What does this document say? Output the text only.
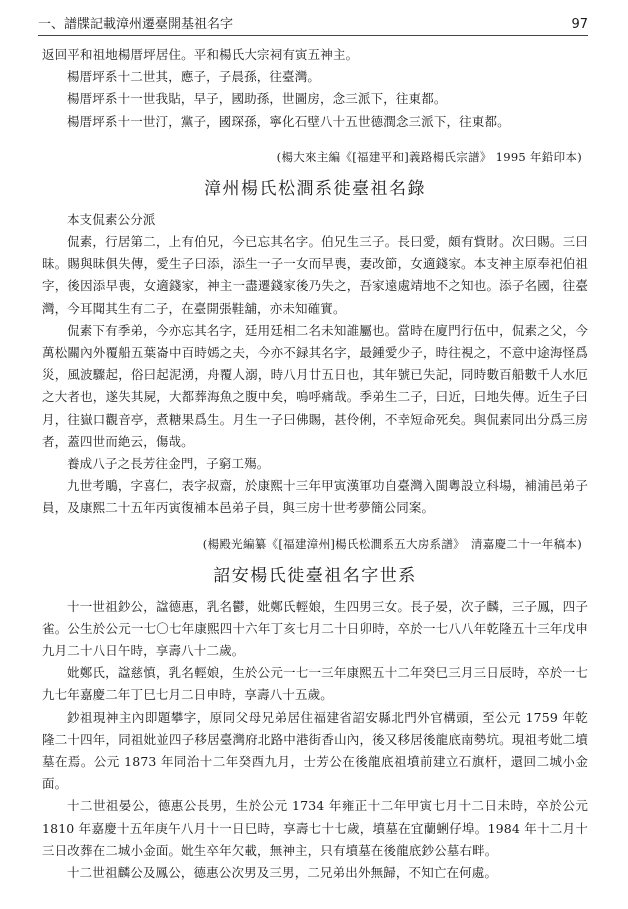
一、譜牒記載漳州遷臺開基祖名字	97

返回平和祖地楊厝坪居住。平和楊氏大宗祠有寅五神主。

楊厝坪系十二世其，應子，子晨孫，往臺灣。

楊厝坪系十一世我貼，早子，國助孫，世圖房，念三派下，往東都。

楊厝坪系十一世汀，黨子，國琛孫，寧化石壁八十五世德潤念三派下，往東都。

(楊大來主編《[福建平和]義路楊氏宗譜》 1995 年鉛印本)
漳州楊氏松澗系徙臺祖名錄

本支侃素公分派

侃素，行居第二，上有伯兄，今已忘其名字。伯兄生三子。長曰愛，頗有貲財。次曰賜。三曰昧。賜與昧俱失傳，愛生子曰添，添生一子一女而早喪，妻改節，女適錢家。本支神主原奉祀伯祖字，後因添早喪，女適錢家，神主一盡遷錢家後乃失之，吾家遠處靖地不之知也。添子名國，往臺灣，今耳聞其生有二子，在臺開張鞋舖，亦未知確實。

侃素下有季弟，今亦忘其名字，廷用廷相二名未知誰屬也。當時在廈門行伍中，侃素之父，今萬松關內外覆船五葉崙中百時嫣之夫，今亦不録其名字，最鍾愛少子，時往視之，不意中途海怪爲災，風波驟起，俗曰起泥湧，舟覆人溺，時八月廿五日也，其年號已失記，同時數百船數千人水厄之大者也，遂失其屍，大都葬海魚之腹中矣，嗚呼痛哉。季弟生二子，曰近，曰地失傳。近生子曰月，往嶽口觀音亭，煮糖果爲生。月生一子曰佛賜，甚伶俐，不幸短命死矣。與侃素同出分爲三房者，蓋四世而絶云，傷哉。

養成八子之長芳往金門，子窮工殤。

九世考鵰，字喜仁，表字叔齋，於康熙十三年甲寅漢軍功自臺灣入閩粵設立科場，補浦邑弟子員，及康熙二十五年丙寅復補本邑弟子員，與三房十世考夢簡公同案。

(楊殿光編纂《[福建漳州]楊氏松澗系五大房系譜》　清嘉慶二十一年稿本)
詔安楊氏徙臺祖名字世系

十一世祖鈔公，諡德惠，乳名鬱，妣鄭氏輕娘，生四男三女。長子晏，次子麟，三子鳳，四子雀。公生於公元一七〇七年康熙四十六年丁亥七月二十日卯時，卒於一七八八年乾隆五十三年戊申九月二十八日午時，享壽八十二歲。

妣鄭氏，諡慈慎，乳名輕娘，生於公元一七一三年康熙五十二年癸巳三月三日辰時，卒於一七九七年嘉慶二年丁巳七月二日申時，享壽八十五歲。

鈔祖現神主內即題攀字，原同父母兄弟居住福建省詔安縣北門外官構頭，至公元 1759 年乾隆二十四年，同祖妣並四子移居臺灣府北路中港街香山內，後又移居後龍底南勢坑。現祖考妣二墳墓在焉。公元 1873 年同治十二年癸酉九月，士芳公在後龍底祖墳前建立石旗杆，還回二城小金面。

十二世祖晏公，德惠公長男，生於公元 1734 年雍正十二年甲寅七月十二日未時，卒於公元 1810 年嘉慶十五年庚午八月十一日巳時，享壽七十七歲，墳墓在宜蘭蜊仔埠。1984 年十二月十三日改葬在二城小金面。妣生卒年欠載，無神主，只有墳墓在後龍底鈔公墓右畔。

十二世祖麟公及鳳公，德惠公次男及三男，二兄弟出外無歸，不知亡在何處。
